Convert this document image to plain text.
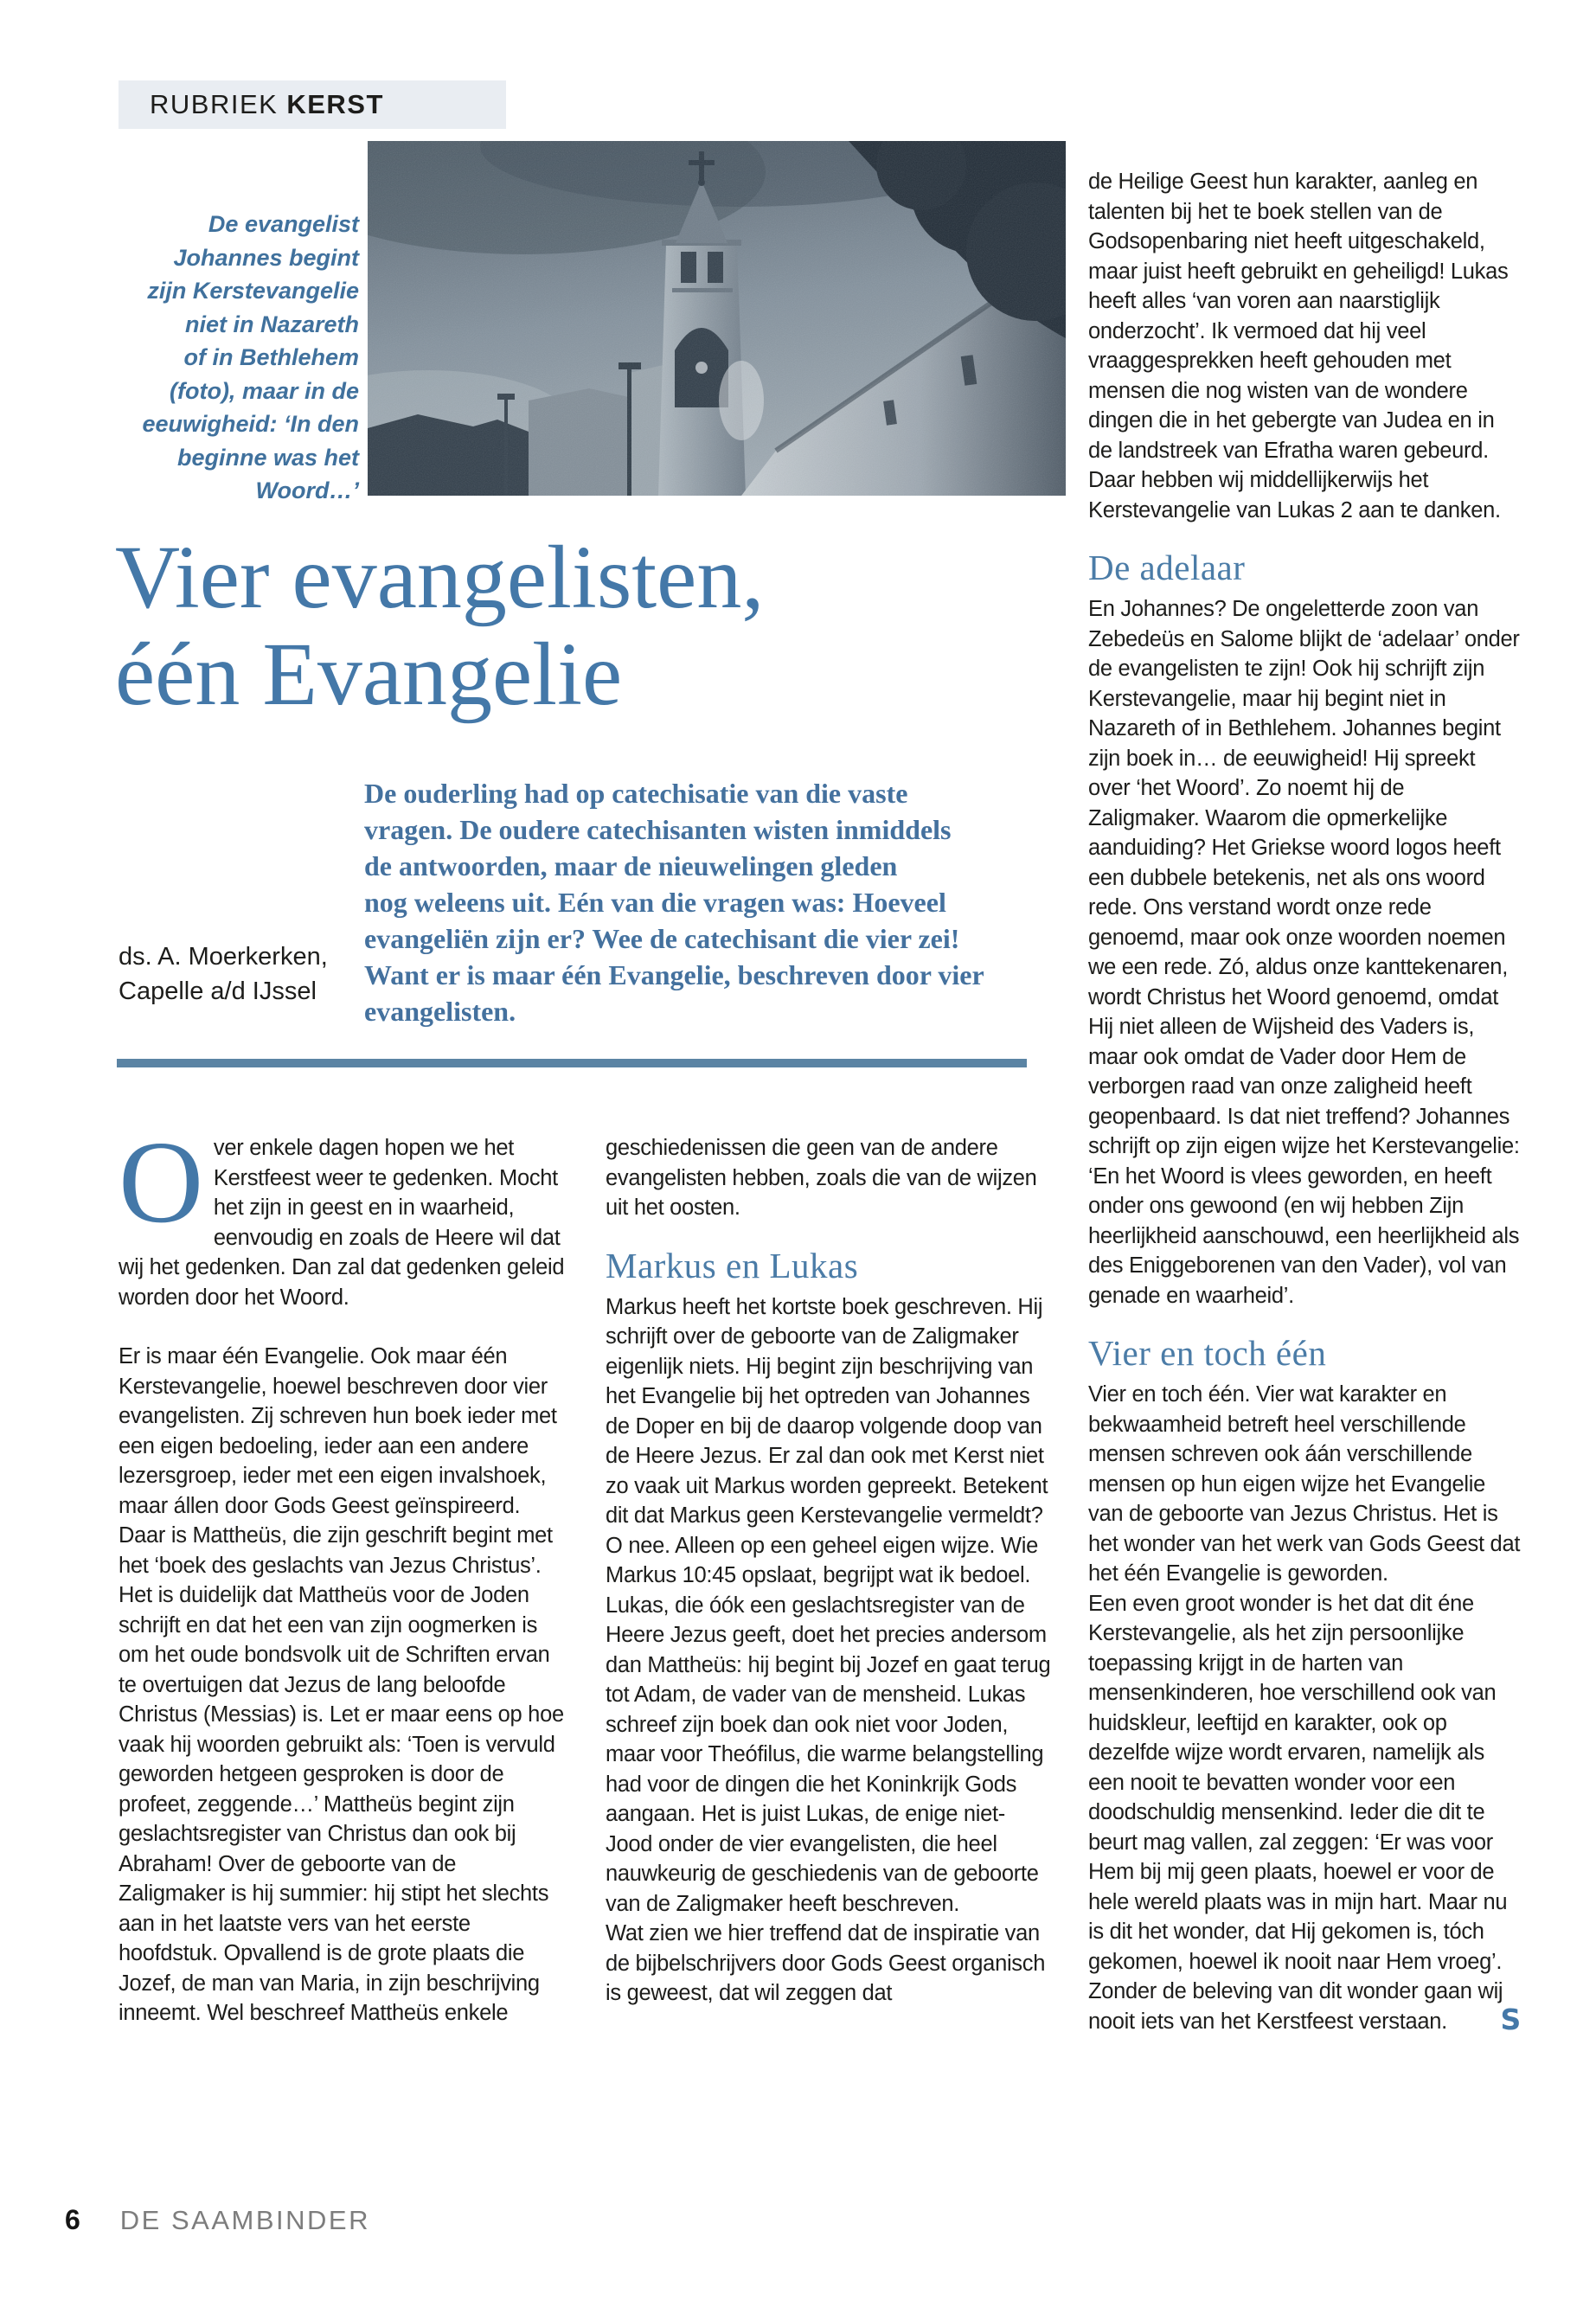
RUBRIEK KERST
De evangelist
Johannes begint
zijn Kerstevangelie
niet in Nazareth
of in Bethlehem
(foto), maar in de
eeuwigheid: ‘In den
beginne was het
Woord…’
Vier evangelisten,
één Evangelie
De ouderling had op catechisatie van die vaste
vragen. De oudere catechisanten wisten inmiddels
de antwoorden, maar de nieuwelingen gleden
nog weleens uit. Eén van die vragen was: Hoeveel
evangeliën zijn er? Wee de catechisant die vier zei!
Want er is maar één Evangelie, beschreven door vier
evangelisten.
ds. A. Moerkerken,
Capelle a/d IJssel

Over enkele dagen hopen we het Kerstfeest weer te gedenken. Mocht het zijn in geest en in waarheid, eenvoudig en zoals de Heere wil dat wij het gedenken. Dan zal dat gedenken geleid worden door het Woord.

Er is maar één Evangelie. Ook maar één Kerstevangelie, hoewel beschreven door vier evangelisten. Zij schreven hun boek ieder met een eigen bedoeling, ieder aan een andere lezersgroep, ieder met een eigen invalshoek, maar állen door Gods Geest geïnspireerd.

Daar is Mattheüs, die zijn geschrift begint met het ‘boek des geslachts van Jezus Christus’. Het is duidelijk dat Mattheüs voor de Joden schrijft en dat het een van zijn oogmerken is om het oude bondsvolk uit de Schriften ervan te overtuigen dat Jezus de lang beloofde Christus (Messias) is. Let er maar eens op hoe vaak hij woorden gebruikt als: ‘Toen is vervuld geworden hetgeen gesproken is door de profeet, zeggende…’ Mattheüs begint zijn geslachtsregister van Christus dan ook bij Abraham! Over de geboorte van de Zaligmaker is hij summier: hij stipt het slechts aan in het laatste vers van het eerste hoofdstuk. Opvallend is de grote plaats die Jozef, de man van Maria, in zijn beschrijving inneemt. Wel beschreef Mattheüs enkele

geschiedenissen die geen van de andere evangelisten hebben, zoals die van de wijzen uit het oosten.

Markus en Lukas

Markus heeft het kortste boek geschreven. Hij schrijft over de geboorte van de Zaligmaker eigenlijk niets. Hij begint zijn beschrijving van het Evangelie bij het optreden van Johannes de Doper en bij de daarop volgende doop van de Heere Jezus. Er zal dan ook met Kerst niet zo vaak uit Markus worden gepreekt. Betekent dit dat Markus geen Kerstevangelie vermeldt? O nee. Alleen op een geheel eigen wijze. Wie Markus 10:45 opslaat, begrijpt wat ik bedoel.

Lukas, die óók een geslachtsregister van de Heere Jezus geeft, doet het precies andersom dan Mattheüs: hij begint bij Jozef en gaat terug tot Adam, de vader van de mensheid. Lukas schreef zijn boek dan ook niet voor Joden, maar voor Theófilus, die warme belangstelling had voor de dingen die het Koninkrijk Gods aangaan. Het is juist Lukas, de enige niet-Jood onder de vier evangelisten, die heel nauwkeurig de geschiedenis van de geboorte van de Zaligmaker heeft beschreven.

Wat zien we hier treffend dat de inspiratie van de bijbelschrijvers door Gods Geest organisch is geweest, dat wil zeggen dat

de Heilige Geest hun karakter, aanleg en talenten bij het te boek stellen van de Godsopenbaring niet heeft uitgeschakeld, maar juist heeft gebruikt en geheiligd! Lukas heeft alles ‘van voren aan naarstiglijk onderzocht’. Ik vermoed dat hij veel vraaggesprekken heeft gehouden met mensen die nog wisten van de wondere dingen die in het gebergte van Judea en in de landstreek van Efratha waren gebeurd. Daar hebben wij middellijkerwijs het Kerstevangelie van Lukas 2 aan te danken.

De adelaar

En Johannes? De ongeletterde zoon van Zebedeüs en Salome blijkt de ‘adelaar’ onder de evangelisten te zijn! Ook hij schrijft zijn Kerstevangelie, maar hij begint niet in Nazareth of in Bethlehem. Johannes begint zijn boek in… de eeuwigheid! Hij spreekt over ‘het Woord’. Zo noemt hij de Zaligmaker. Waarom die opmerkelijke aanduiding? Het Griekse woord logos heeft een dubbele betekenis, net als ons woord rede. Ons verstand wordt onze rede genoemd, maar ook onze woorden noemen we een rede. Zó, aldus onze kanttekenaren, wordt Christus het Woord genoemd, omdat Hij niet alleen de Wijsheid des Vaders is, maar ook omdat de Vader door Hem de verborgen raad van onze zaligheid heeft geopenbaard. Is dat niet treffend? Johannes schrijft op zijn eigen wijze het Kerstevangelie: ‘En het Woord is vlees geworden, en heeft onder ons gewoond (en wij hebben Zijn heerlijkheid aanschouwd, een heerlijkheid als des Eniggeborenen van den Vader), vol van genade en waarheid’.

Vier en toch één

Vier en toch één. Vier wat karakter en bekwaamheid betreft heel verschillende mensen schreven ook áán verschillende mensen op hun eigen wijze het Evangelie van de geboorte van Jezus Christus. Het is het wonder van het werk van Gods Geest dat het één Evangelie is geworden.

Een even groot wonder is het dat dit éne Kerstevangelie, als het zijn persoonlijke toepassing krijgt in de harten van mensenkinderen, hoe verschillend ook van huidskleur, leeftijd en karakter, ook op dezelfde wijze wordt ervaren, namelijk als een nooit te bevatten wonder voor een doodschuldig mensenkind. Ieder die dit te beurt mag vallen, zal zeggen: ‘Er was voor Hem bij mij geen plaats, hoewel er voor de hele wereld plaats was in mijn hart. Maar nu is dit het wonder, dat Hij gekomen is, tóch gekomen, hoewel ik nooit naar Hem vroeg’. Zonder de beleving van dit wonder gaan wij nooit iets van het Kerstfeest verstaan. S

6 DE SAAMBINDER
